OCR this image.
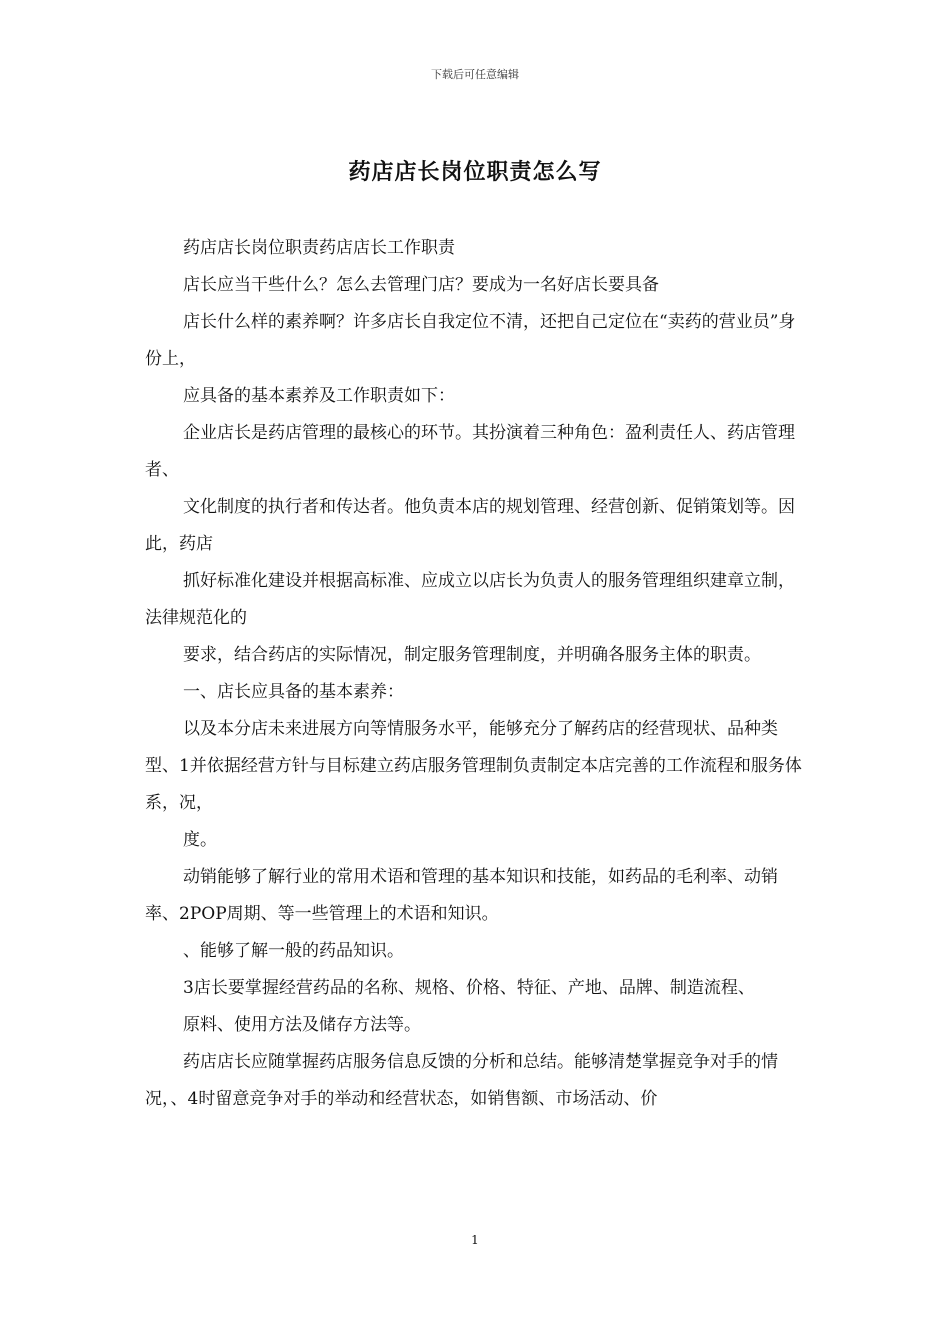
下载后可任意编辑
药店店长岗位职责怎么写

药店店长岗位职责药店店长工作职责

店长应当干些什么？怎么去管理门店？要成为一名好店长要具备

店长什么样的素养啊？许多店长自我定位不清，还把自己定位在“卖药的营业员”身份上，

应具备的基本素养及工作职责如下：

企业店长是药店管理的最核心的环节。其扮演着三种角色：盈利责任人、药店管理者、

文化制度的执行者和传达者。他负责本店的规划管理、经营创新、促销策划等。因此，药店

抓好标准化建设并根据高标准、应成立以店长为负责人的服务管理组织建章立制，法律规范化的

要求，结合药店的实际情况，制定服务管理制度，并明确各服务主体的职责。

一、店长应具备的基本素养：

以及本分店未来进展方向等情服务水平，能够充分了解药店的经营现状、品种类型、1并依据经营方针与目标建立药店服务管理制负责制定本店完善的工作流程和服务体系，况，

度。

动销能够了解行业的常用术语和管理的基本知识和技能，如药品的毛利率、动销率、2POP周期、等一些管理上的术语和知识。

、能够了解一般的药品知识。

3店长要掌握经营药品的名称、规格、价格、特征、产地、品牌、制造流程、

原料、使用方法及储存方法等。

药店店长应随掌握药店服务信息反馈的分析和总结。能够清楚掌握竞争对手的情况，、4时留意竞争对手的举动和经营状态，如销售额、市场活动、价

1
